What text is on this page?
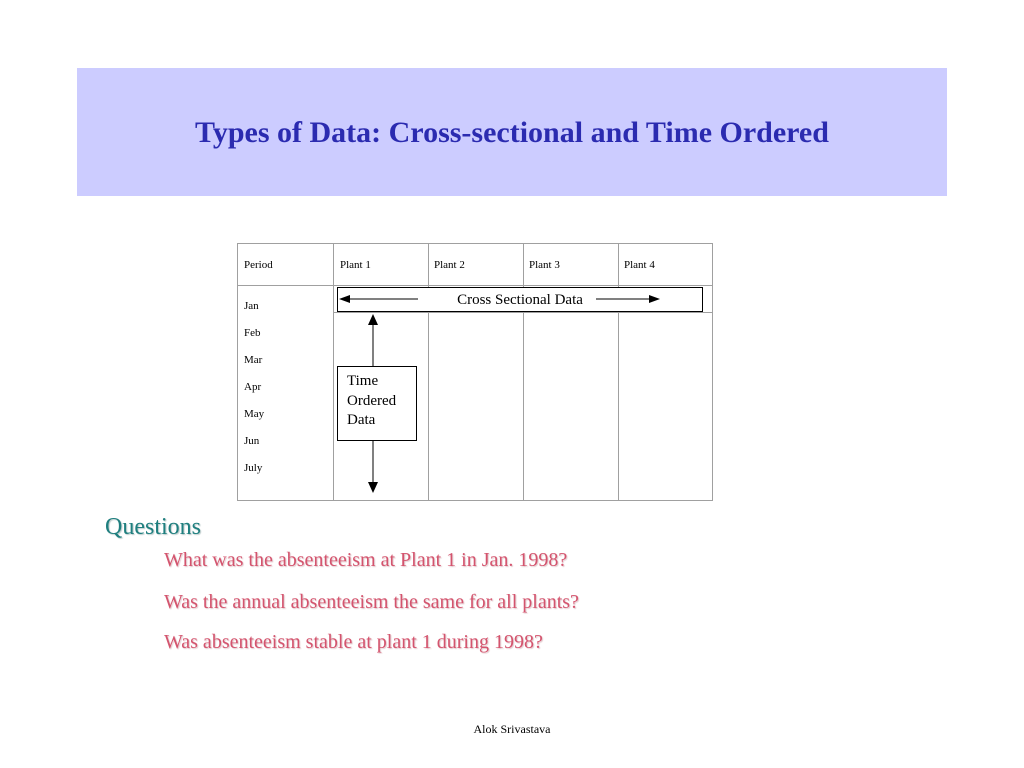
Types of Data: Cross-sectional and Time Ordered
Period	Plant 1	Plant 2	Plant 3	Plant 4
Jan
Feb
Mar
Apr
May
Jun
July
Cross Sectional Data
Time
Ordered
Data
Questions
What was the absenteeism at Plant 1 in Jan. 1998?
Was the annual absenteeism the same for all plants?
Was absenteeism stable at plant 1 during 1998?
Alok Srivastava
